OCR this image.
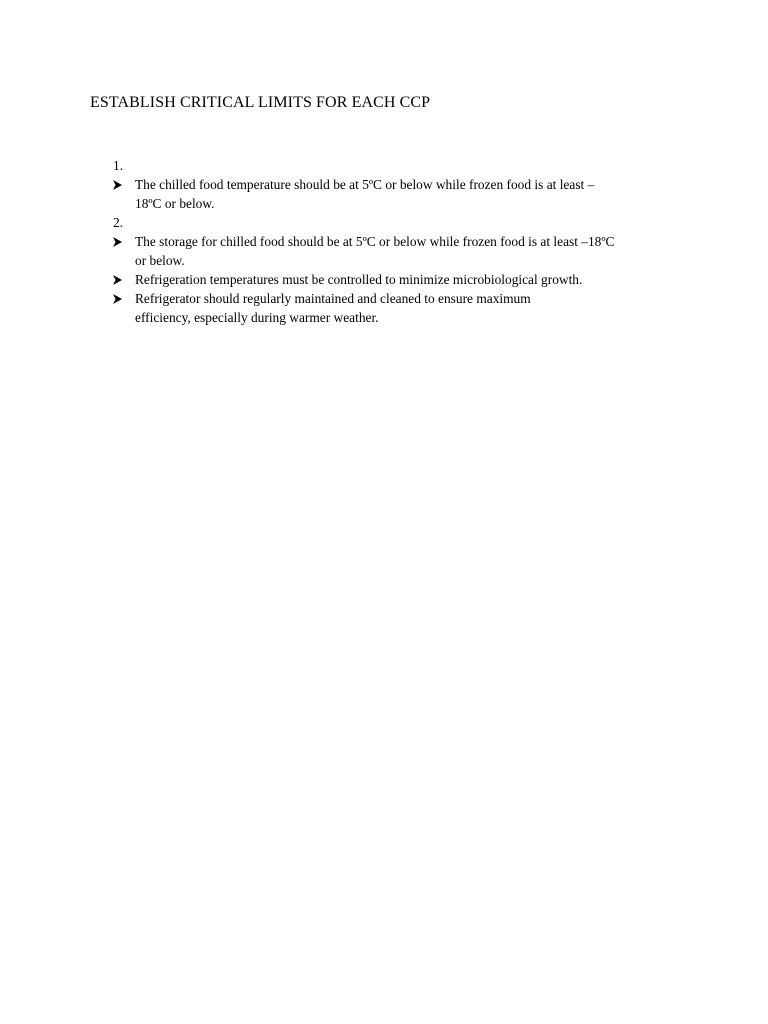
ESTABLISH CRITICAL LIMITS FOR EACH CCP
1.
The chilled food temperature should be at 5ºC or below while frozen food is at least –
18ºC or below.
2.
The storage for chilled food should be at 5ºC or below while frozen food is at least –18ºC
or below.
Refrigeration temperatures must be controlled to minimize microbiological growth.
Refrigerator should regularly maintained and cleaned to ensure maximum
efficiency, especially during warmer weather.
